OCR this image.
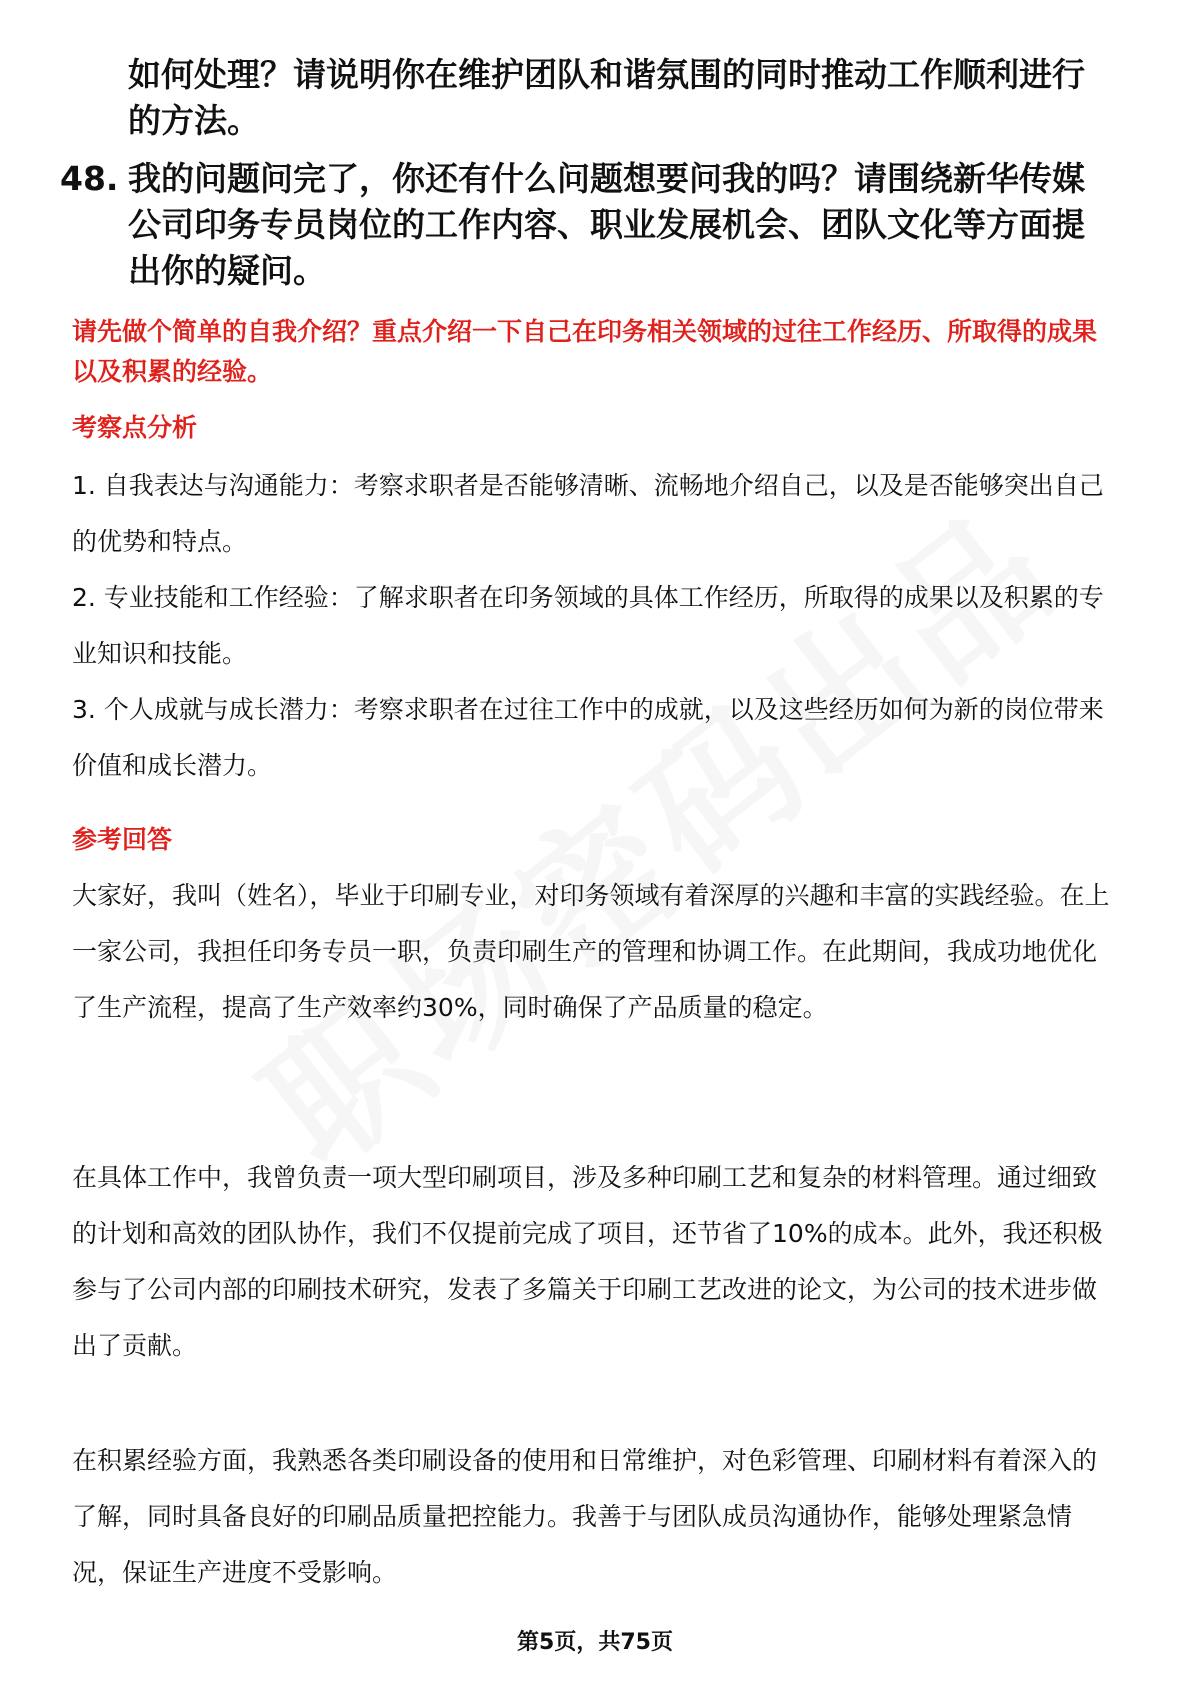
如何处理？请说明你在维护团队和谐氛围的同时推动工作顺利进行的方法。
48. 我的问题问完了，你还有什么问题想要问我的吗？请围绕新华传媒公司印务专员岗位的工作内容、职业发展机会、团队文化等方面提出你的疑问。
请先做个简单的自我介绍？重点介绍一下自己在印务相关领域的过往工作经历、所取得的成果以及积累的经验。
考察点分析

1. 自我表达与沟通能力：考察求职者是否能够清晰、流畅地介绍自己，以及是否能够突出自己的优势和特点。

2. 专业技能和工作经验：了解求职者在印务领域的具体工作经历，所取得的成果以及积累的专业知识和技能。

3. 个人成就与成长潜力：考察求职者在过往工作中的成就，以及这些经历如何为新的岗位带来价值和成长潜力。

参考回答

大家好，我叫（姓名），毕业于印刷专业，对印务领域有着深厚的兴趣和丰富的实践经验。在上一家公司，我担任印务专员一职，负责印刷生产的管理和协调工作。在此期间，我成功地优化了生产流程，提高了生产效率约30%，同时确保了产品质量的稳定。

在具体工作中，我曾负责一项大型印刷项目，涉及多种印刷工艺和复杂的材料管理。通过细致的计划和高效的团队协作，我们不仅提前完成了项目，还节省了10%的成本。此外，我还积极参与了公司内部的印刷技术研究，发表了多篇关于印刷工艺改进的论文，为公司的技术进步做出了贡献。

在积累经验方面，我熟悉各类印刷设备的使用和日常维护，对色彩管理、印刷材料有着深入的了解，同时具备良好的印刷品质量把控能力。我善于与团队成员沟通协作，能够处理紧急情况，保证生产进度不受影响。

第5页，共75页
